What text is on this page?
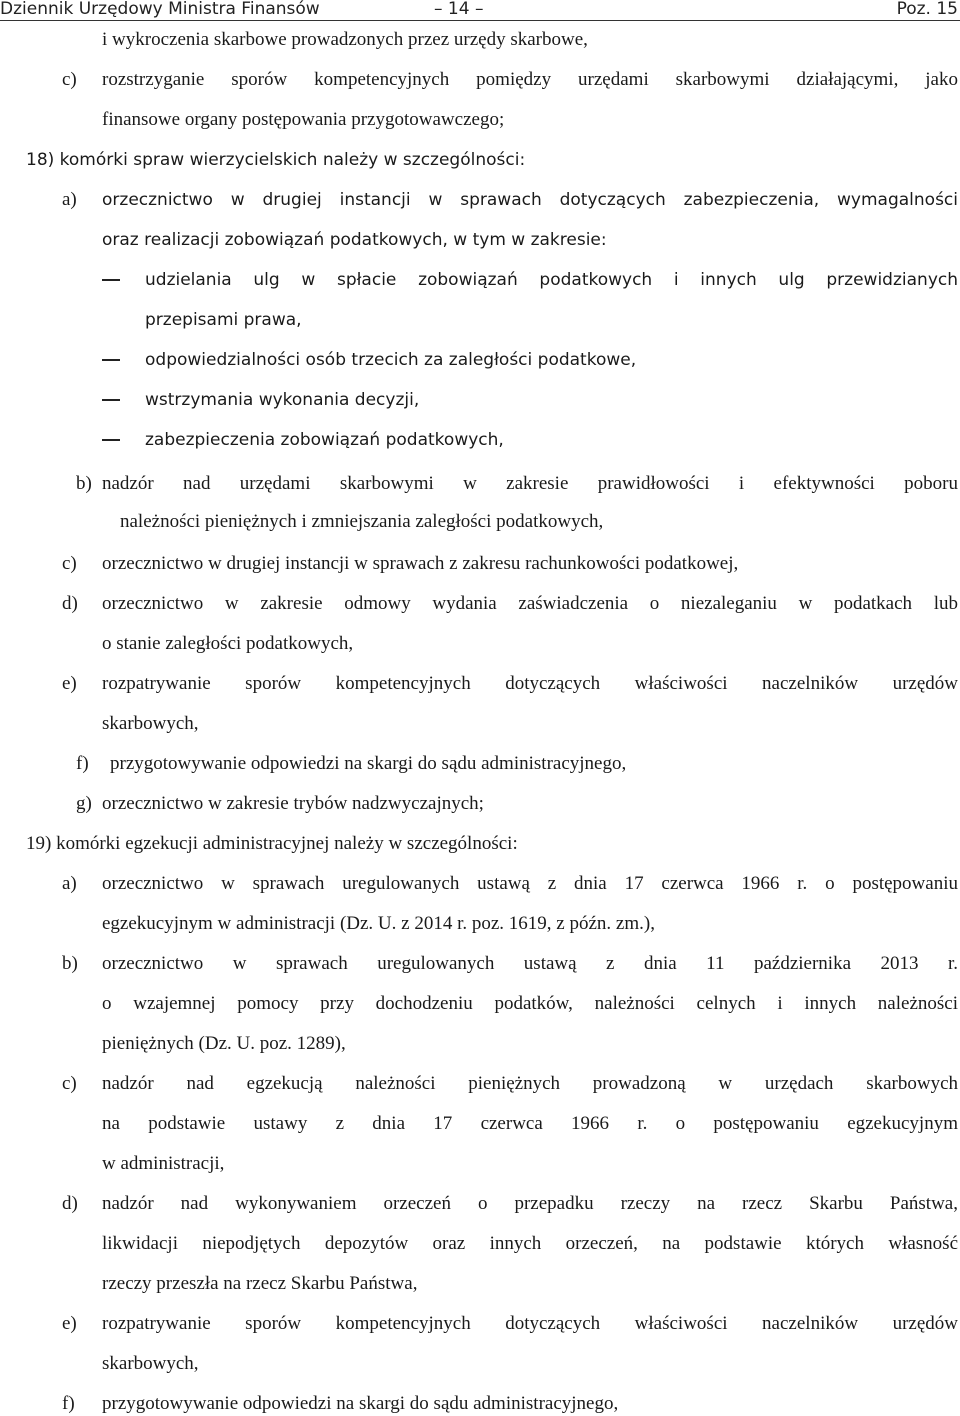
Dziennik Urzędowy Ministra Finansów	– 14 –	Poz. 15
i wykroczenia skarbowe prowadzonych przez urzędy skarbowe,
c) rozstrzyganie sporów kompetencyjnych pomiędzy urzędami skarbowymi działającymi, jako
finansowe organy postępowania przygotowawczego;
18) komórki spraw wierzycielskich należy w szczególności:
a) orzecznictwo w drugiej instancji w sprawach dotyczących zabezpieczenia, wymagalności
oraz realizacji zobowiązań podatkowych, w tym w zakresie:
udzielania ulg w spłacie zobowiązań podatkowych i innych ulg przewidzianych
przepisami prawa,
odpowiedzialności osób trzecich za zaległości podatkowe,
wstrzymania wykonania decyzji,
zabezpieczenia zobowiązań podatkowych,
b) nadzór nad urzędami skarbowymi w zakresie prawidłowości i efektywności poboru
należności pieniężnych i zmniejszania zaległości podatkowych,
c) orzecznictwo w drugiej instancji w sprawach z zakresu rachunkowości podatkowej,
d) orzecznictwo w zakresie odmowy wydania zaświadczenia o niezaleganiu w podatkach lub
o stanie zaległości podatkowych,
e) rozpatrywanie sporów kompetencyjnych dotyczących właściwości naczelników urzędów
skarbowych,
f) przygotowywanie odpowiedzi na skargi do sądu administracyjnego,
g) orzecznictwo w zakresie trybów nadzwyczajnych;
19) komórki egzekucji administracyjnej należy w szczególności:
a) orzecznictwo w sprawach uregulowanych ustawą z dnia 17 czerwca 1966 r. o postępowaniu
egzekucyjnym w administracji (Dz. U. z 2014 r. poz. 1619, z późn. zm.),
b) orzecznictwo w sprawach uregulowanych ustawą z dnia 11 października 2013 r.
o wzajemnej pomocy przy dochodzeniu podatków, należności celnych i innych należności
pieniężnych (Dz. U. poz. 1289),
c) nadzór nad egzekucją należności pieniężnych prowadzoną w urzędach skarbowych
na podstawie ustawy z dnia 17 czerwca 1966 r. o postępowaniu egzekucyjnym
w administracji,
d) nadzór nad wykonywaniem orzeczeń o przepadku rzeczy na rzecz Skarbu Państwa,
likwidacji niepodjętych depozytów oraz innych orzeczeń, na podstawie których własność
rzeczy przeszła na rzecz Skarbu Państwa,
e) rozpatrywanie sporów kompetencyjnych dotyczących właściwości naczelników urzędów
skarbowych,
f) przygotowywanie odpowiedzi na skargi do sądu administracyjnego,
